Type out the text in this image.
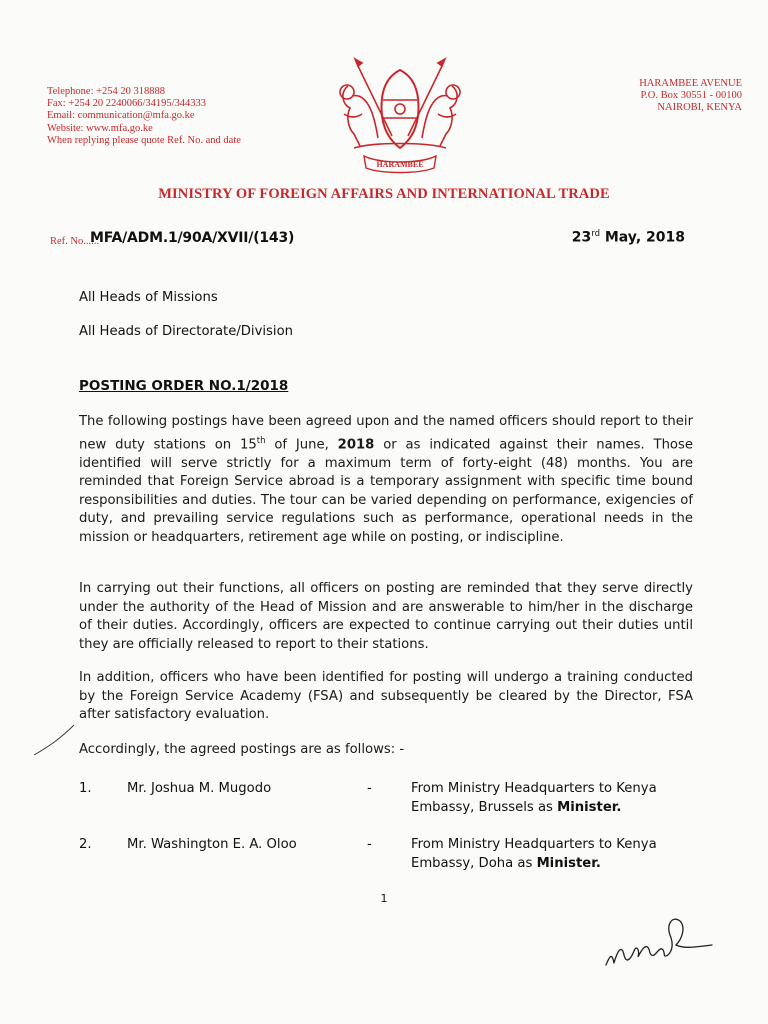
Telephone: +254 20 318888
Fax: +254 20 2240066/34195/344333
Email: communication@mfa.go.ke
Website: www.mfa.go.ke
When replying please quote Ref. No. and date
HARAMBEE
HARAMBEE AVENUE
P.O. Box 30551 - 00100
NAIROBI, KENYA
MINISTRY OF FOREIGN AFFAIRS AND INTERNATIONAL TRADE
Ref. No......
MFA/ADM.1/90A/XVII/(143)	23rd May, 2018
All Heads of Missions
All Heads of Directorate/Division
POSTING ORDER NO.1/2018
The following postings have been agreed upon and the named officers should report to their new duty stations on 15th of June, 2018 or as indicated against their names. Those identified will serve strictly for a maximum term of forty-eight (48) months. You are reminded that Foreign Service abroad is a temporary assignment with specific time bound responsibilities and duties. The tour can be varied depending on performance, exigencies of duty, and prevailing service regulations such as performance, operational needs in the mission or headquarters, retirement age while on posting, or indiscipline.
In carrying out their functions, all officers on posting are reminded that they serve directly under the authority of the Head of Mission and are answerable to him/her in the discharge of their duties. Accordingly, officers are expected to continue carrying out their duties until they are officially released to report to their stations.
In addition, officers who have been identified for posting will undergo a training conducted by the Foreign Service Academy (FSA) and subsequently be cleared by the Director, FSA after satisfactory evaluation.
Accordingly, the agreed postings are as follows: -
1.	Mr. Joshua M. Mugodo	-	From Ministry Headquarters to Kenya Embassy, Brussels as Minister.
2.	Mr. Washington E. A. Oloo	-	From Ministry Headquarters to Kenya Embassy, Doha as Minister.
1
